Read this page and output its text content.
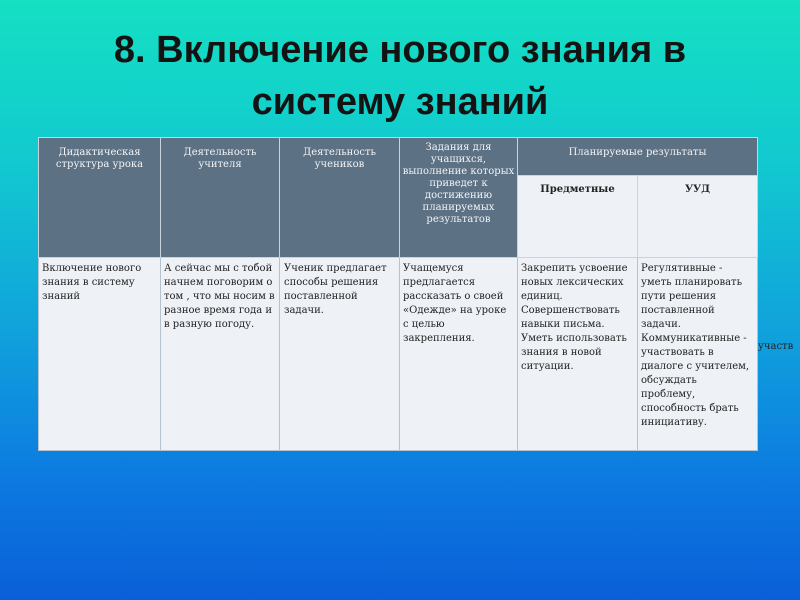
8. Включение нового знания в
систему знаний
Дидактическая структура урока	Деятельность учителя	Деятельность учеников	Задания для учащихся, выполнение которых приведет к достижению планируемых результатов	Планируемые результаты	
				Предметные	УУД
Включение нового знания в систему знаний	А сейчас мы с тобой начнем поговорим о том , что мы носим в разное время года и в разную погоду.	Ученик предлагает способы решения поставленной задачи.	Учащемуся предлагается рассказать о своей «Одежде» на уроке с целью закрепления.	Закрепить усвоение новых лексических единиц. Совершенствовать навыки письма. Уметь использовать знания в новой ситуации.	Регулятивные - уметь планировать пути решения поставленной задачи. Коммуникативные - участвовать в диалоге с учителем, обсуждать проблему, способность брать инициативу.
участв
